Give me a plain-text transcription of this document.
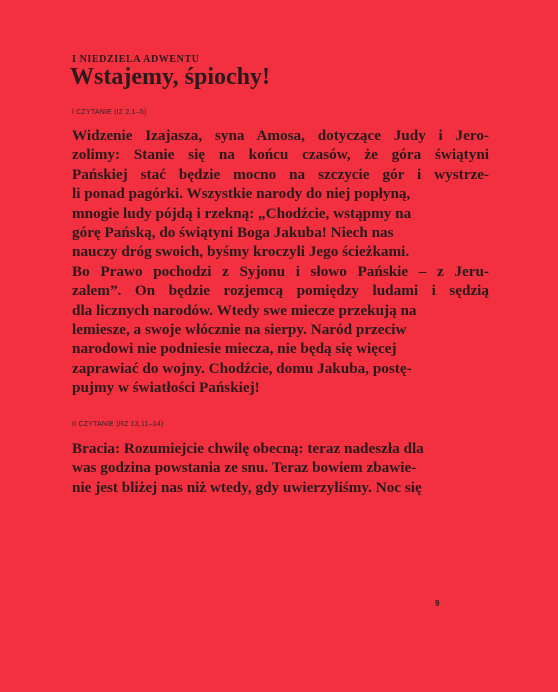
I NIEDZIELA ADWENTU
Wstajemy, śpiochy!
I CZYTANIE (IZ 2,1–5)
Widzenie Izajasza, syna Amosa, dotyczące Judy i Jero-
zolimy: Stanie się na końcu czasów, że góra świątyni
Pańskiej stać będzie mocno na szczycie gór i wystrze-
li ponad pagórki. Wszystkie narody do niej popłyną,
mnogie ludy pójdą i rzekną: „Chodźcie, wstąpmy na
górę Pańską, do świątyni Boga Jakuba! Niech nas
nauczy dróg swoich, byśmy kroczyli Jego ścieżkami.
Bo Prawo pochodzi z Syjonu i słowo Pańskie – z Jeru-
zalem”. On będzie rozjemcą pomiędzy ludami i sędzią
dla licznych narodów. Wtedy swe miecze przekują na
lemiesze, a swoje włócznie na sierpy. Naród przeciw
narodowi nie podniesie miecza, nie będą się więcej
zaprawiać do wojny. Chodźcie, domu Jakuba, postę-
pujmy w światłości Pańskiej!
II CZYTANIE (RZ 13,11–14)
Bracia: Rozumiejcie chwilę obecną: teraz nadeszła dla
was godzina powstania ze snu. Teraz bowiem zbawie-
nie jest bliżej nas niż wtedy, gdy uwierzyliśmy. Noc się
9
